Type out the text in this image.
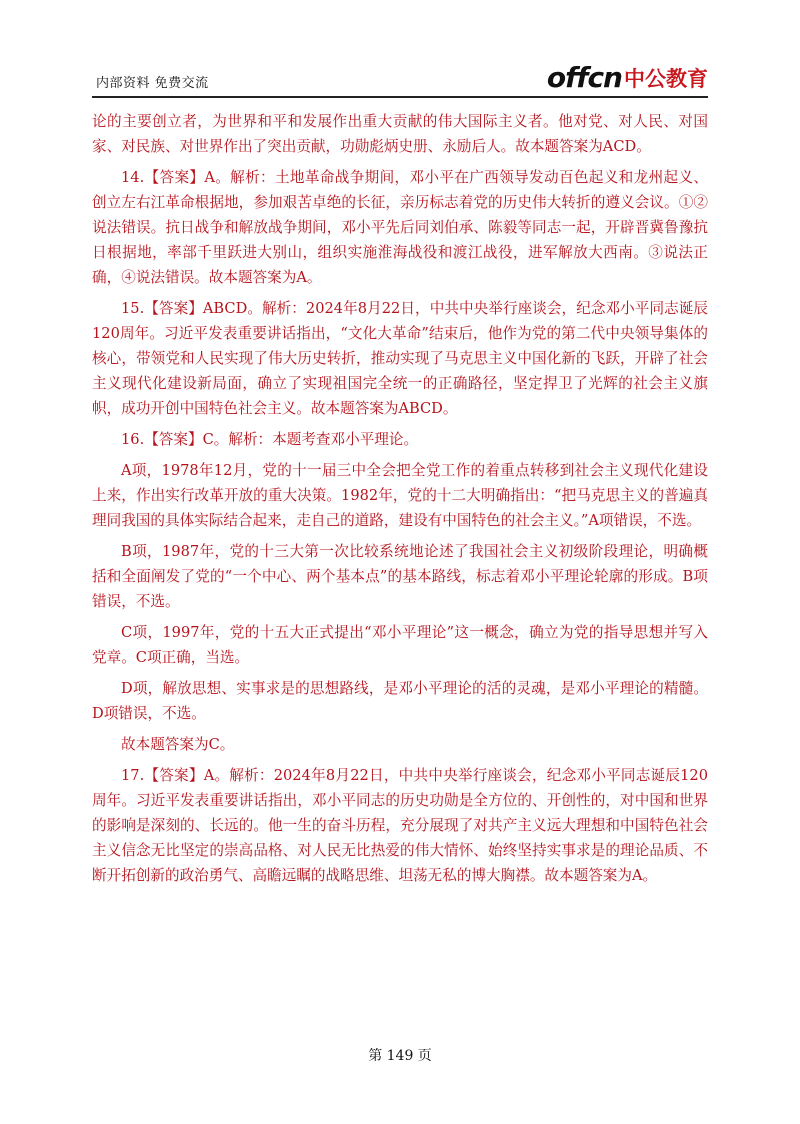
内部资料 免费交流	offcn 中公教育

论的主要创立者，为世界和平和发展作出重大贡献的伟大国际主义者。他对党、对人民、对国家、对民族、对世界作出了突出贡献，功勋彪炳史册、永励后人。故本题答案为ACD。

14.【答案】A。解析：土地革命战争期间，邓小平在广西领导发动百色起义和龙州起义、创立左右江革命根据地，参加艰苦卓绝的长征，亲历标志着党的历史伟大转折的遵义会议。①②说法错误。抗日战争和解放战争期间，邓小平先后同刘伯承、陈毅等同志一起，开辟晋冀鲁豫抗日根据地，率部千里跃进大别山，组织实施淮海战役和渡江战役，进军解放大西南。③说法正确，④说法错误。故本题答案为A。

15.【答案】ABCD。解析：2024年8月22日，中共中央举行座谈会，纪念邓小平同志诞辰120周年。习近平发表重要讲话指出，“文化大革命”结束后，他作为党的第二代中央领导集体的核心，带领党和人民实现了伟大历史转折，推动实现了马克思主义中国化新的飞跃，开辟了社会主义现代化建设新局面，确立了实现祖国完全统一的正确路径，坚定捍卫了光辉的社会主义旗帜，成功开创中国特色社会主义。故本题答案为ABCD。

16.【答案】C。解析：本题考查邓小平理论。

A项，1978年12月，党的十一届三中全会把全党工作的着重点转移到社会主义现代化建设上来，作出实行改革开放的重大决策。1982年，党的十二大明确指出：“把马克思主义的普遍真理同我国的具体实际结合起来，走自己的道路，建设有中国特色的社会主义。”A项错误，不选。

B项，1987年，党的十三大第一次比较系统地论述了我国社会主义初级阶段理论，明确概括和全面阐发了党的“一个中心、两个基本点”的基本路线，标志着邓小平理论轮廓的形成。B项错误，不选。

C项，1997年，党的十五大正式提出“邓小平理论”这一概念，确立为党的指导思想并写入党章。C项正确，当选。

D项，解放思想、实事求是的思想路线，是邓小平理论的活的灵魂，是邓小平理论的精髓。D项错误，不选。

故本题答案为C。

17.【答案】A。解析：2024年8月22日，中共中央举行座谈会，纪念邓小平同志诞辰120周年。习近平发表重要讲话指出，邓小平同志的历史功勋是全方位的、开创性的，对中国和世界的影响是深刻的、长远的。他一生的奋斗历程，充分展现了对共产主义远大理想和中国特色社会主义信念无比坚定的崇高品格、对人民无比热爱的伟大情怀、始终坚持实事求是的理论品质、不断开拓创新的政治勇气、高瞻远瞩的战略思维、坦荡无私的博大胸襟。故本题答案为A。

第 149 页
